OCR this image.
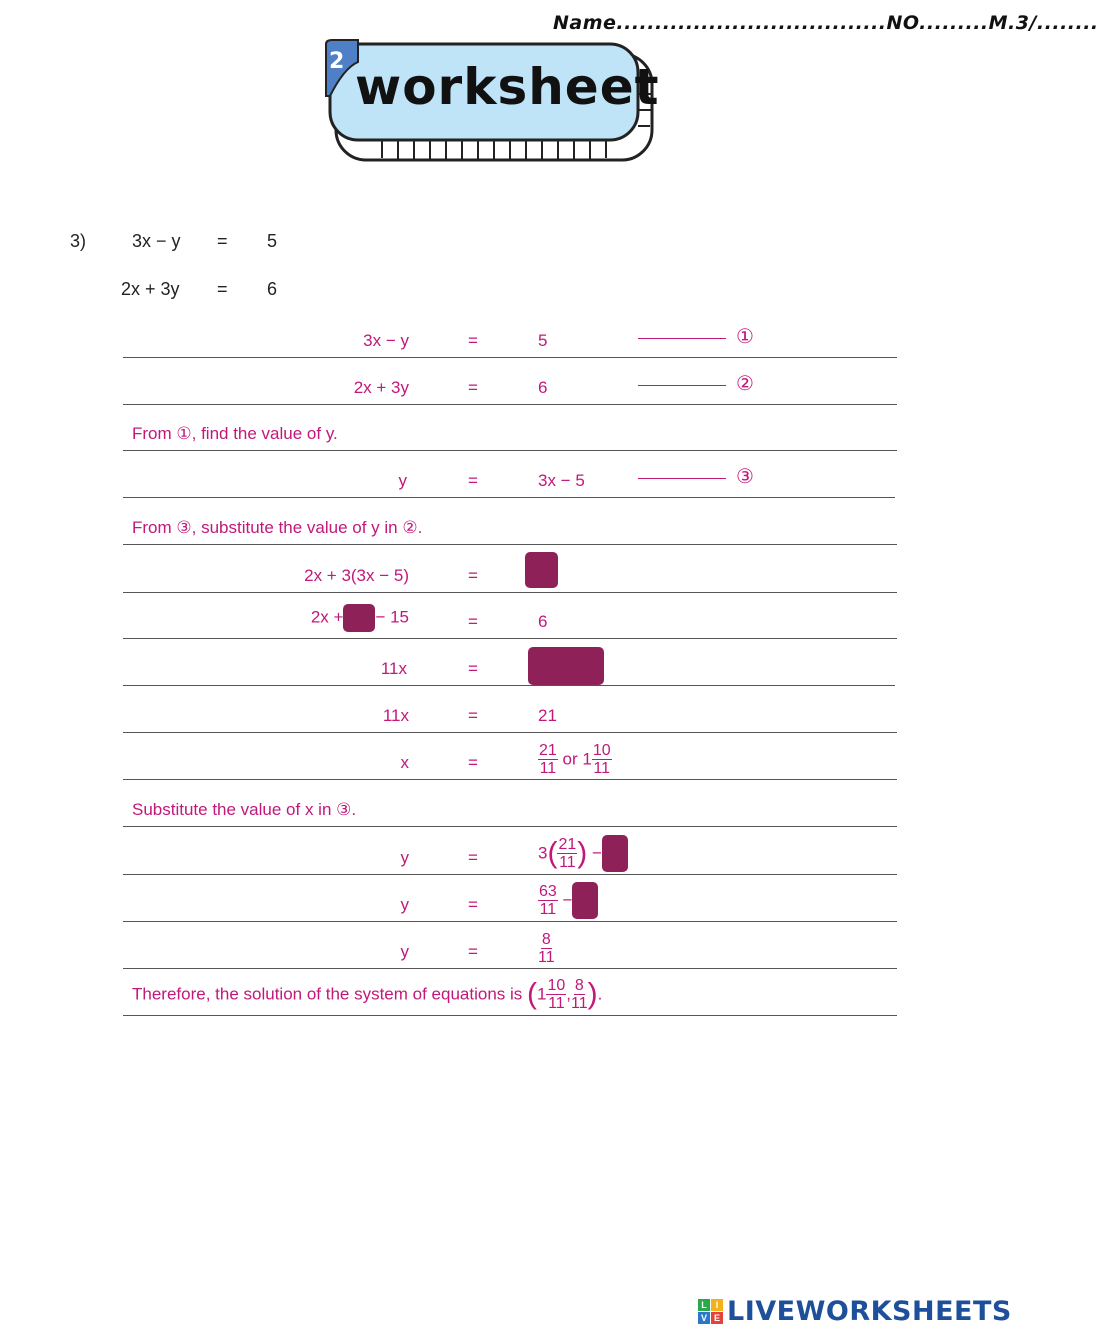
Name...................................NO.........M.3/........
2 worksheet
3)	3x − y = 5
2x + 3y = 6
3x − y	=	5	①
2x + 3y	=	6	②
From ①, find the value of y.
y	=	3x − 5	③
From ③, substitute the value of y in ②.
2x + 3(3x − 5)	=
2x + − 15	=	6
11x	=
11x	=	21
x	=	$\frac{21}{11}$ or $1 \frac{10}{11}$
Substitute the value of x in ③.
y	=	$3( \frac{21}{11}$ ) −
y	=	$\frac{63}{11}$ −
y	=	$\frac{8}{11}$
Therefore, the solution of the system of equations is ($1 \frac{10}{11}$ , $\frac{8}{11}$ ).
L I
V E LIVEWORKSHEETS
